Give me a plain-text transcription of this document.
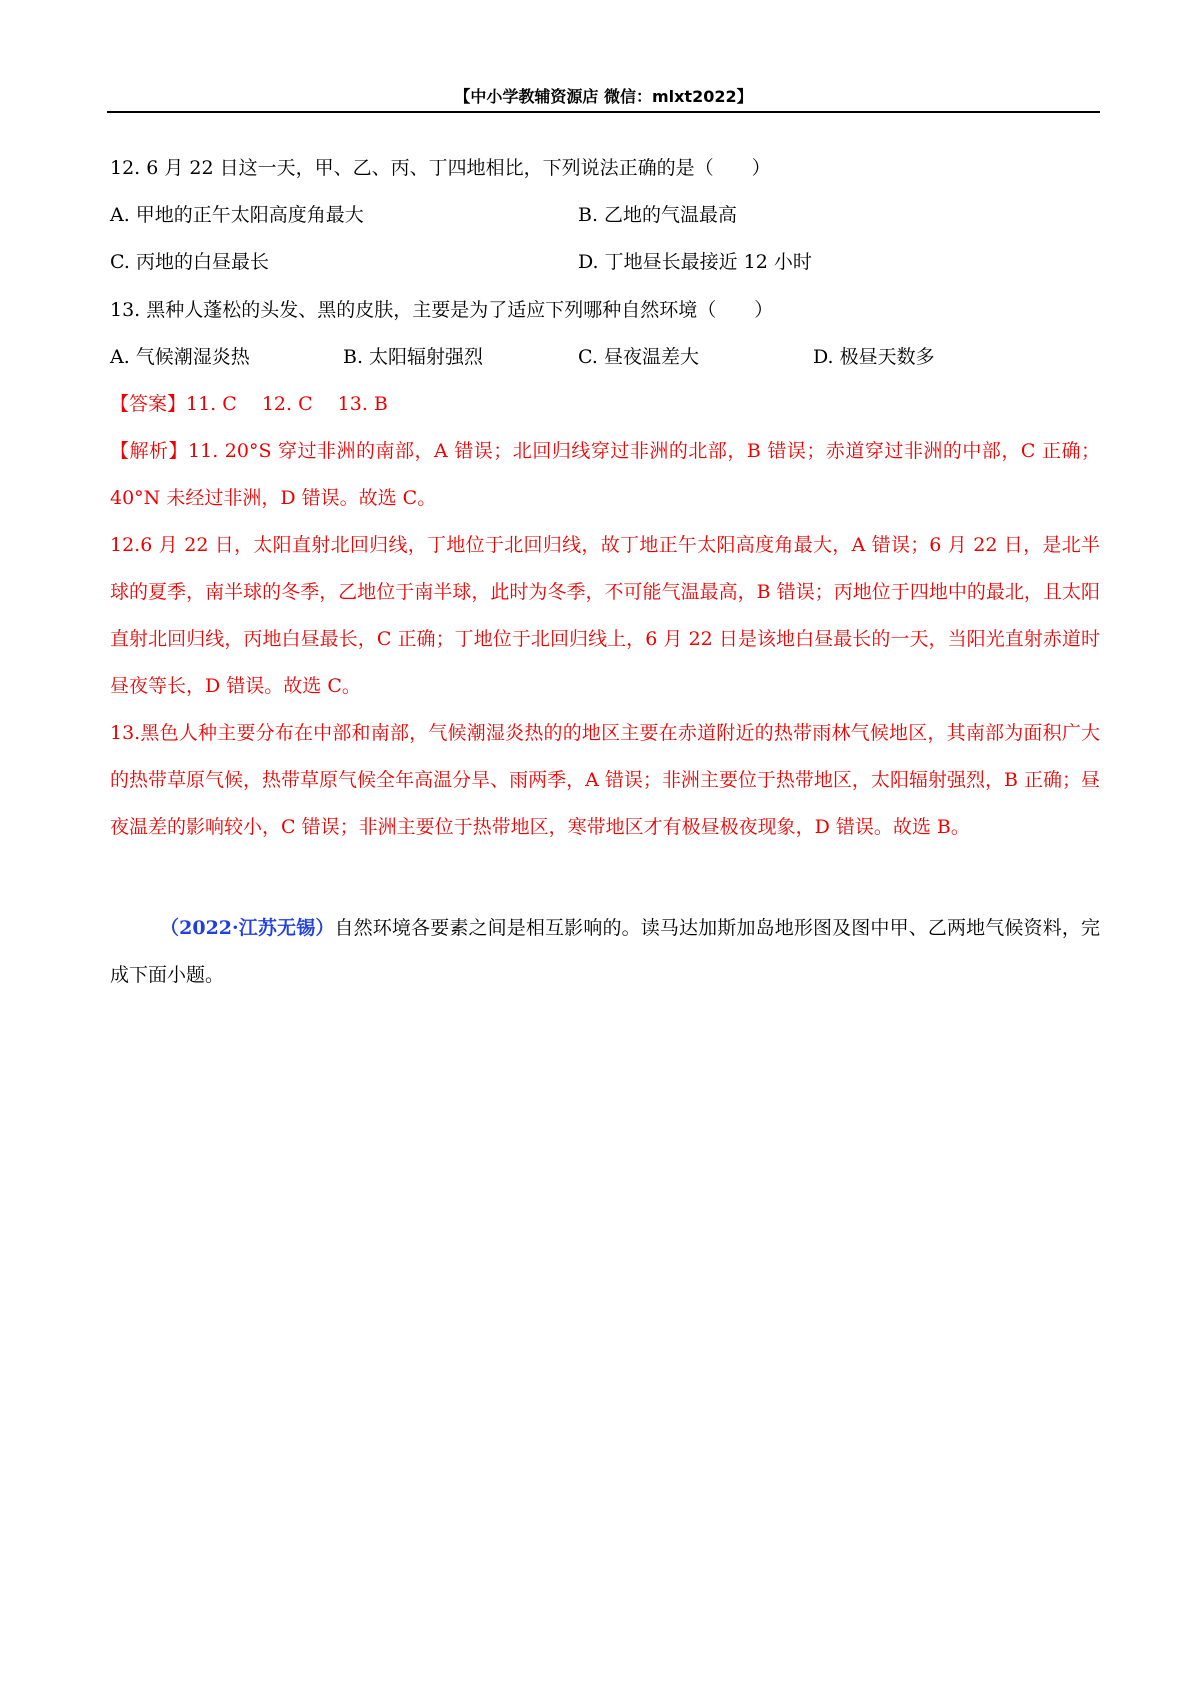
【中小学教辅资源店 微信：mlxt2022】
12. 6 月 22 日这一天，甲、乙、丙、丁四地相比，下列说法正确的是（　　）
A. 甲地的正午太阳高度角最大	B. 乙地的气温最高
C. 丙地的白昼最长	D. 丁地昼长最接近 12 小时
13. 黑种人蓬松的头发、黑的皮肤，主要是为了适应下列哪种自然环境（　　）
A. 气候潮湿炎热	B. 太阳辐射强烈	C. 昼夜温差大	D. 极昼天数多
【答案】11. C　 12. C　 13. B
【解析】11. 20°S 穿过非洲的南部，A 错误；北回归线穿过非洲的北部，B 错误；赤道穿过非洲的中部，C 正确；40°N 未经过非洲，D 错误。故选 C。
12.6 月 22 日，太阳直射北回归线，丁地位于北回归线，故丁地正午太阳高度角最大，A 错误；6 月 22 日，是北半球的夏季，南半球的冬季，乙地位于南半球，此时为冬季，不可能气温最高，B 错误；丙地位于四地中的最北，且太阳直射北回归线，丙地白昼最长，C 正确；丁地位于北回归线上，6 月 22 日是该地白昼最长的一天，当阳光直射赤道时昼夜等长，D 错误。故选 C。
13.黑色人种主要分布在中部和南部，气候潮湿炎热的的地区主要在赤道附近的热带雨林气候地区，其南部为面积广大的热带草原气候，热带草原气候全年高温分旱、雨两季，A 错误；非洲主要位于热带地区，太阳辐射强烈，B 正确；昼夜温差的影响较小，C 错误；非洲主要位于热带地区，寒带地区才有极昼极夜现象，D 错误。故选 B。
（2022·江苏无锡）自然环境各要素之间是相互影响的。读马达加斯加岛地形图及图中甲、乙两地气候资料，完成下面小题。
